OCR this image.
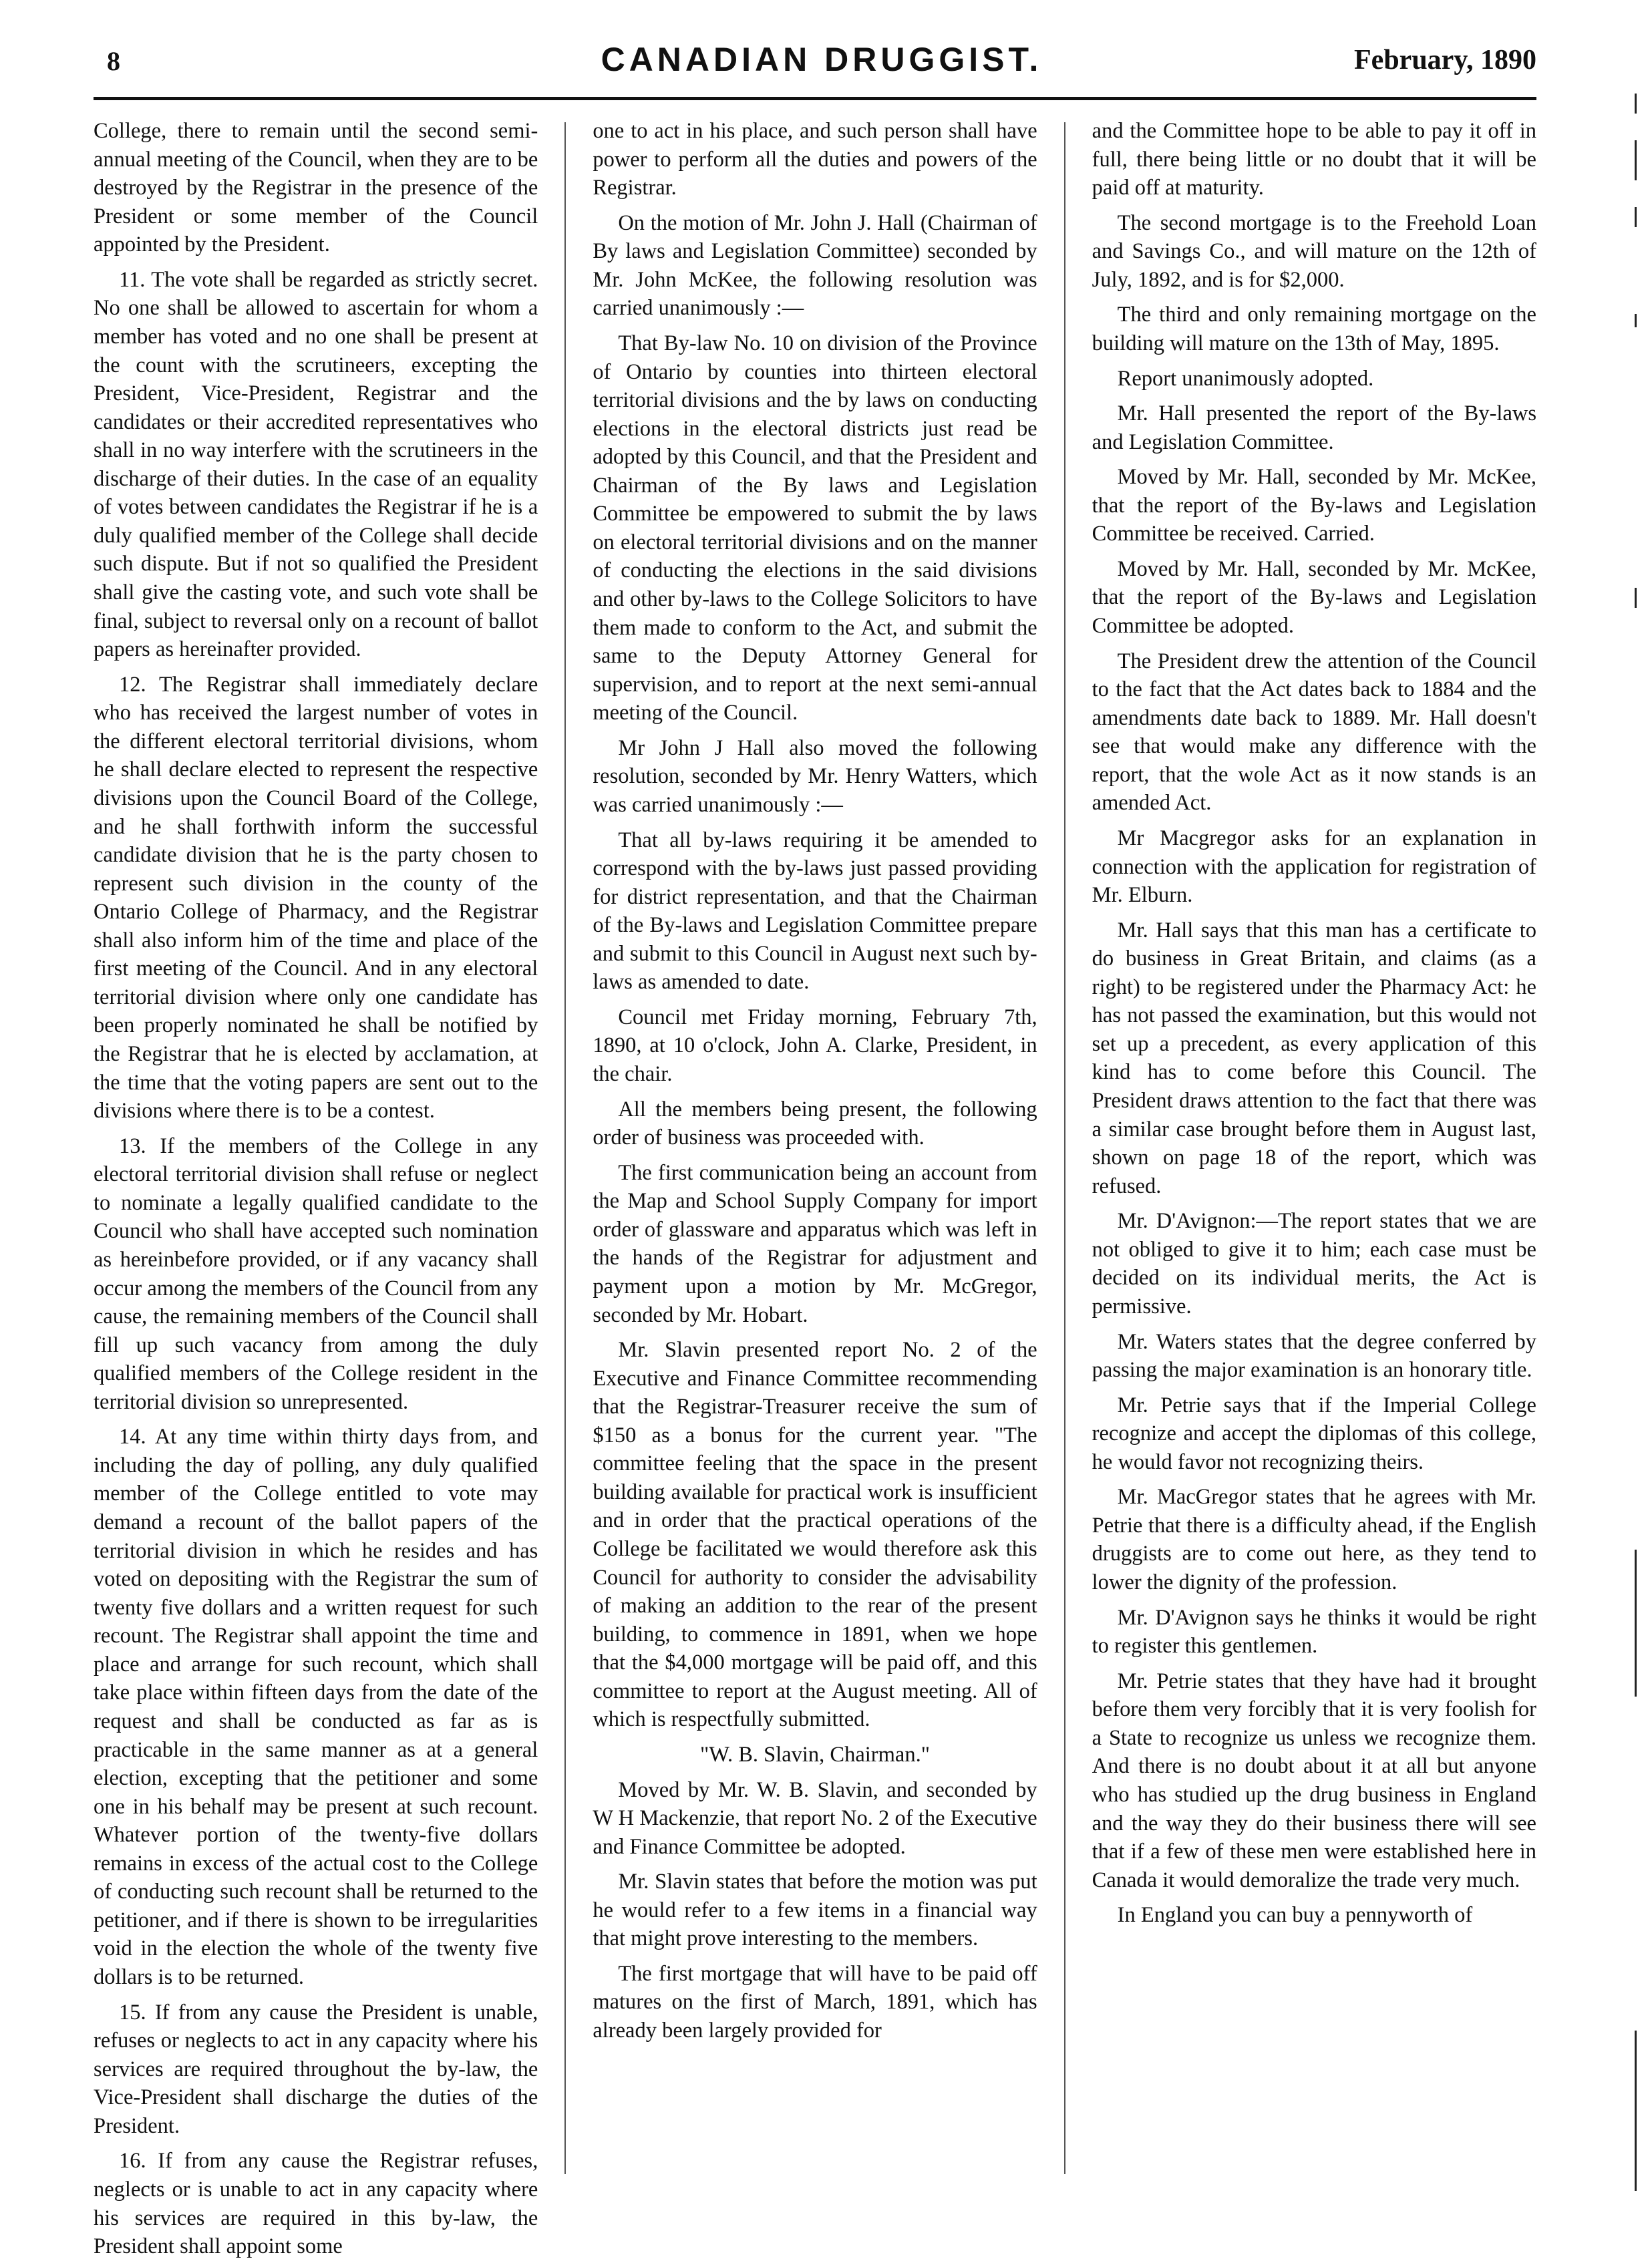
8	CANADIAN DRUGGIST.	February, 1890

College, there to remain until the second semi-annual meeting of the Council, when they are to be destroyed by the Registrar in the presence of the President or some member of the Council appointed by the President.

11. The vote shall be regarded as strictly secret. No one shall be allowed to ascertain for whom a member has voted and no one shall be present at the count with the scrutineers, excepting the President, Vice-President, Registrar and the candidates or their accredited representatives who shall in no way interfere with the scrutineers in the discharge of their duties. In the case of an equality of votes between candidates the Registrar if he is a duly qualified member of the College shall decide such dispute. But if not so qualified the President shall give the casting vote, and such vote shall be final, subject to reversal only on a recount of ballot papers as hereinafter provided.

12. The Registrar shall immediately declare who has received the largest number of votes in the different electoral territorial divisions, whom he shall declare elected to represent the respective divisions upon the Council Board of the College, and he shall forthwith inform the successful candidate division that he is the party chosen to represent such division in the county of the Ontario College of Pharmacy, and the Registrar shall also inform him of the time and place of the first meeting of the Council. And in any electoral territorial division where only one candidate has been properly nominated he shall be notified by the Registrar that he is elected by acclamation, at the time that the voting papers are sent out to the divisions where there is to be a contest.

13. If the members of the College in any electoral territorial division shall refuse or neglect to nominate a legally qualified candidate to the Council who shall have accepted such nomination as hereinbefore provided, or if any vacancy shall occur among the members of the Council from any cause, the remaining members of the Council shall fill up such vacancy from among the duly qualified members of the College resident in the territorial division so unrepresented.

14. At any time within thirty days from, and including the day of polling, any duly qualified member of the College entitled to vote may demand a recount of the ballot papers of the territorial division in which he resides and has voted on depositing with the Registrar the sum of twenty five dollars and a written request for such recount. The Registrar shall appoint the time and place and arrange for such recount, which shall take place within fifteen days from the date of the request and shall be conducted as far as is practicable in the same manner as at a general election, excepting that the petitioner and some one in his behalf may be present at such recount. Whatever portion of the twenty-five dollars remains in excess of the actual cost to the College of conducting such recount shall be returned to the petitioner, and if there is shown to be irregularities void in the election the whole of the twenty five dollars is to be returned.

15. If from any cause the President is unable, refuses or neglects to act in any capacity where his services are required throughout the by-law, the Vice-President shall discharge the duties of the President.

16. If from any cause the Registrar refuses, neglects or is unable to act in any capacity where his services are required in this by-law, the President shall appoint some

one to act in his place, and such person shall have power to perform all the duties and powers of the Registrar.

On the motion of Mr. John J. Hall (Chairman of By laws and Legislation Committee) seconded by Mr. John McKee, the following resolution was carried unanimously :—

That By-law No. 10 on division of the Province of Ontario by counties into thirteen electoral territorial divisions and the by laws on conducting elections in the electoral districts just read be adopted by this Council, and that the President and Chairman of the By laws and Legislation Committee be empowered to submit the by laws on electoral territorial divisions and on the manner of conducting the elections in the said divisions and other by-laws to the College Solicitors to have them made to conform to the Act, and submit the same to the Deputy Attorney General for supervision, and to report at the next semi-annual meeting of the Council.

Mr John J Hall also moved the following resolution, seconded by Mr. Henry Watters, which was carried unanimously :—

That all by-laws requiring it be amended to correspond with the by-laws just passed providing for district representation, and that the Chairman of the By-laws and Legislation Committee prepare and submit to this Council in August next such by-laws as amended to date.

Council met Friday morning, February 7th, 1890, at 10 o'clock, John A. Clarke, President, in the chair.

All the members being present, the following order of business was proceeded with.

The first communication being an account from the Map and School Supply Company for import order of glassware and apparatus which was left in the hands of the Registrar for adjustment and payment upon a motion by Mr. McGregor, seconded by Mr. Hobart.

Mr. Slavin presented report No. 2 of the Executive and Finance Committee recommending that the Registrar-Treasurer receive the sum of $150 as a bonus for the current year. "The committee feeling that the space in the present building available for practical work is insufficient and in order that the practical operations of the College be facilitated we would therefore ask this Council for authority to consider the advisability of making an addition to the rear of the present building, to commence in 1891, when we hope that the $4,000 mortgage will be paid off, and this committee to report at the August meeting. All of which is respectfully submitted.

"W. B. Slavin, Chairman."

Moved by Mr. W. B. Slavin, and seconded by W H Mackenzie, that report No. 2 of the Executive and Finance Committee be adopted.

Mr. Slavin states that before the motion was put he would refer to a few items in a financial way that might prove interesting to the members.

The first mortgage that will have to be paid off matures on the first of March, 1891, which has already been largely provided for

and the Committee hope to be able to pay it off in full, there being little or no doubt that it will be paid off at maturity.

The second mortgage is to the Freehold Loan and Savings Co., and will mature on the 12th of July, 1892, and is for $2,000.

The third and only remaining mortgage on the building will mature on the 13th of May, 1895.

Report unanimously adopted.

Mr. Hall presented the report of the By-laws and Legislation Committee.

Moved by Mr. Hall, seconded by Mr. McKee, that the report of the By-laws and Legislation Committee be received. Carried.

Moved by Mr. Hall, seconded by Mr. McKee, that the report of the By-laws and Legislation Committee be adopted.

The President drew the attention of the Council to the fact that the Act dates back to 1884 and the amendments date back to 1889. Mr. Hall doesn't see that would make any difference with the report, that the wole Act as it now stands is an amended Act.

Mr Macgregor asks for an explanation in connection with the application for registration of Mr. Elburn.

Mr. Hall says that this man has a certificate to do business in Great Britain, and claims (as a right) to be registered under the Pharmacy Act: he has not passed the examination, but this would not set up a precedent, as every application of this kind has to come before this Council. The President draws attention to the fact that there was a similar case brought before them in August last, shown on page 18 of the report, which was refused.

Mr. D'Avignon:—The report states that we are not obliged to give it to him; each case must be decided on its individual merits, the Act is permissive.

Mr. Waters states that the degree conferred by passing the major examination is an honorary title.

Mr. Petrie says that if the Imperial College recognize and accept the diplomas of this college, he would favor not recognizing theirs.

Mr. MacGregor states that he agrees with Mr. Petrie that there is a difficulty ahead, if the English druggists are to come out here, as they tend to lower the dignity of the profession.

Mr. D'Avignon says he thinks it would be right to register this gentlemen.

Mr. Petrie states that they have had it brought before them very forcibly that it is very foolish for a State to recognize us unless we recognize them. And there is no doubt about it at all but anyone who has studied up the drug business in England and the way they do their business there will see that if a few of these men were established here in Canada it would demoralize the trade very much.

In England you can buy a pennyworth of
